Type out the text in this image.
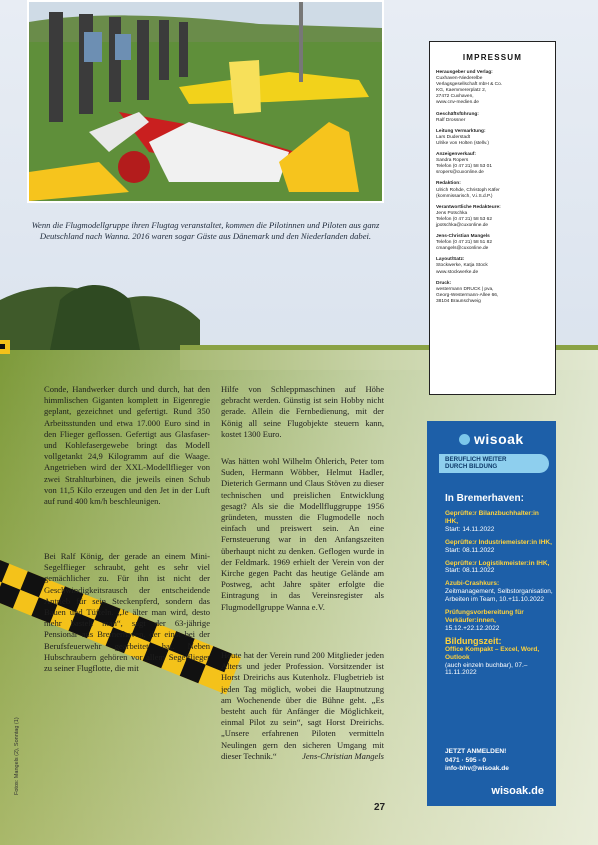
Wenn die Flugmodellgruppe ihren Flugtag veranstaltet, kommen die Pilotinnen und Piloten aus ganz Deutschland nach Wanna. 2016 waren sogar Gäste aus Dänemark und den Niederlanden dabei.

IMPRESSUM
Herausgeber und Verlag:
Cuxhaven-Niederelbe
Verlagsgesellschaft mbH & Co.
KG, Kaemmererplatz 2,
27472 Cuxhaven,
www.cnv-medien.de
Geschäftsführung:
Ralf Drossner
Leitung Vermarktung:
Lars Duderstadt
Ulrike von Holten (stellv.)
Anzeigenverkauf:
Sandra Ropers
Telefon (0 47 21) 58 53 01
sropers@cuxonline.de
Redaktion:
Ulrich Rohde, Christoph Käfer
(kommissarisch, V.i.S.d.P.)
Verantwortliche Redakteure:
Jens Potschka
Telefon (0 47 21) 58 53 62
jpotschka@cuxonline.de
Jens-Christian Mangels
Telefon (0 47 21) 58 51 82
cmangels@cuxonline.de
Layout/Satz:
Stockwerke, Katja Stock
www.stockwerke.de
Druck:
westermann DRUCK | pva,
Georg-Westermann-Allee 66,
38104 Braunschweig
wisoak
BERUFLICH WEITER
DURCH BILDUNG
In Bremerhaven:
Geprüfte:r Bilanzbuchhalter:in IHK,
Start: 14.11.2022
Geprüfte:r Industriemeister:in IHK,
Start: 08.11.2022
Geprüfte:r Logistikmeister:in IHK,
Start: 08.11.2022
Azubi-Crashkurs:
Zeitmanagement, Selbstorganisation, Arbeiten im Team, 10.+11.10.2022
Prüfungsvorbereitung für Verkäufer:innen,
15.12.+22.12.2022
Bildungszeit:
Office Kompakt – Excel, Word, Outlook
(auch einzeln buchbar), 07.–11.11.2022
JETZT ANMELDEN!
0471 · 595 - 0
info-bhv@wisoak.de
wisoak.de

Conde, Handwerker durch und durch, hat den himmlischen Giganten komplett in Eigenregie geplant, gezeichnet und gefertigt. Rund 350 Arbeitsstunden und etwa 17.000 Euro sind in den Flieger geflossen. Gefertigt aus Glasfaser- und Kohlefasergewebe bringt das Modell vollgetankt 24,9 Kilogramm auf die Waage. Angetrieben wird der XXL-Modellflieger von zwei Strahlturbinen, die jeweils einen Schub von 11,5 Kilo erzeugen und den Jet in der Luft auf rund 400 km/h beschleunigen.

Bei Ralf König, der gerade an einem Mini-Segelflieger schraubt, geht es sehr viel gemächlicher zu. Für ihn ist nicht der Geschwindigkeitsrausch der entscheidende Antrieb für sein Steckenpferd, sondern das Bauen und Tüfteln. „Je älter man wird, desto mehr bastelt man“, sagt der 63-jährige Pensionär aus Bremerhaven, der einst bei der Berufsfeuerwehr gearbeitet hat. Neben Hubschraubern gehören vor allem Segelflieger zu seiner Flugflotte, die mit

Hilfe von Schleppmaschinen auf Höhe gebracht werden. Günstig ist sein Hobby nicht gerade. Allein die Fernbedienung, mit der König all seine Flugobjekte steuern kann, kostet 1300 Euro.

Was hätten wohl Wilhelm Öhlerich, Peter tom Suden, Hermann Wöbber, Helmut Hadler, Dieterich Germann und Claus Stöven zu dieser technischen und preislichen Entwicklung gesagt? Als sie die Modellfluggruppe 1956 gründeten, mussten die Flugmodelle noch einfach und preiswert sein. An eine Fernsteuerung war in den Anfangszeiten überhaupt nicht zu denken. Geflogen wurde in der Feldmark. 1969 erhielt der Verein von der Kirche gegen Pacht das heutige Gelände am Postweg, acht Jahre später erfolgte die Eintragung in das Vereinsregister als Flugmodellgruppe Wanna e.V.

Heute hat der Verein rund 200 Mitglieder jeden Alters und jeder Profession. Vorsitzender ist Horst Dreirichs aus Kutenholz. Flugbetrieb ist jeden Tag möglich, wobei die Hauptnutzung am Wochenende über die Bühne geht. „Es besteht auch für Anfänger die Möglichkeit, einmal Pilot zu sein“, sagt Horst Dreirichs. „Unsere erfahrenen Piloten vermitteln Neulingen gern den sicheren Umgang mit dieser Technik.“	Jens-Christian Mangels

27
Fotos: Mangels (2), Sonntag (1)
